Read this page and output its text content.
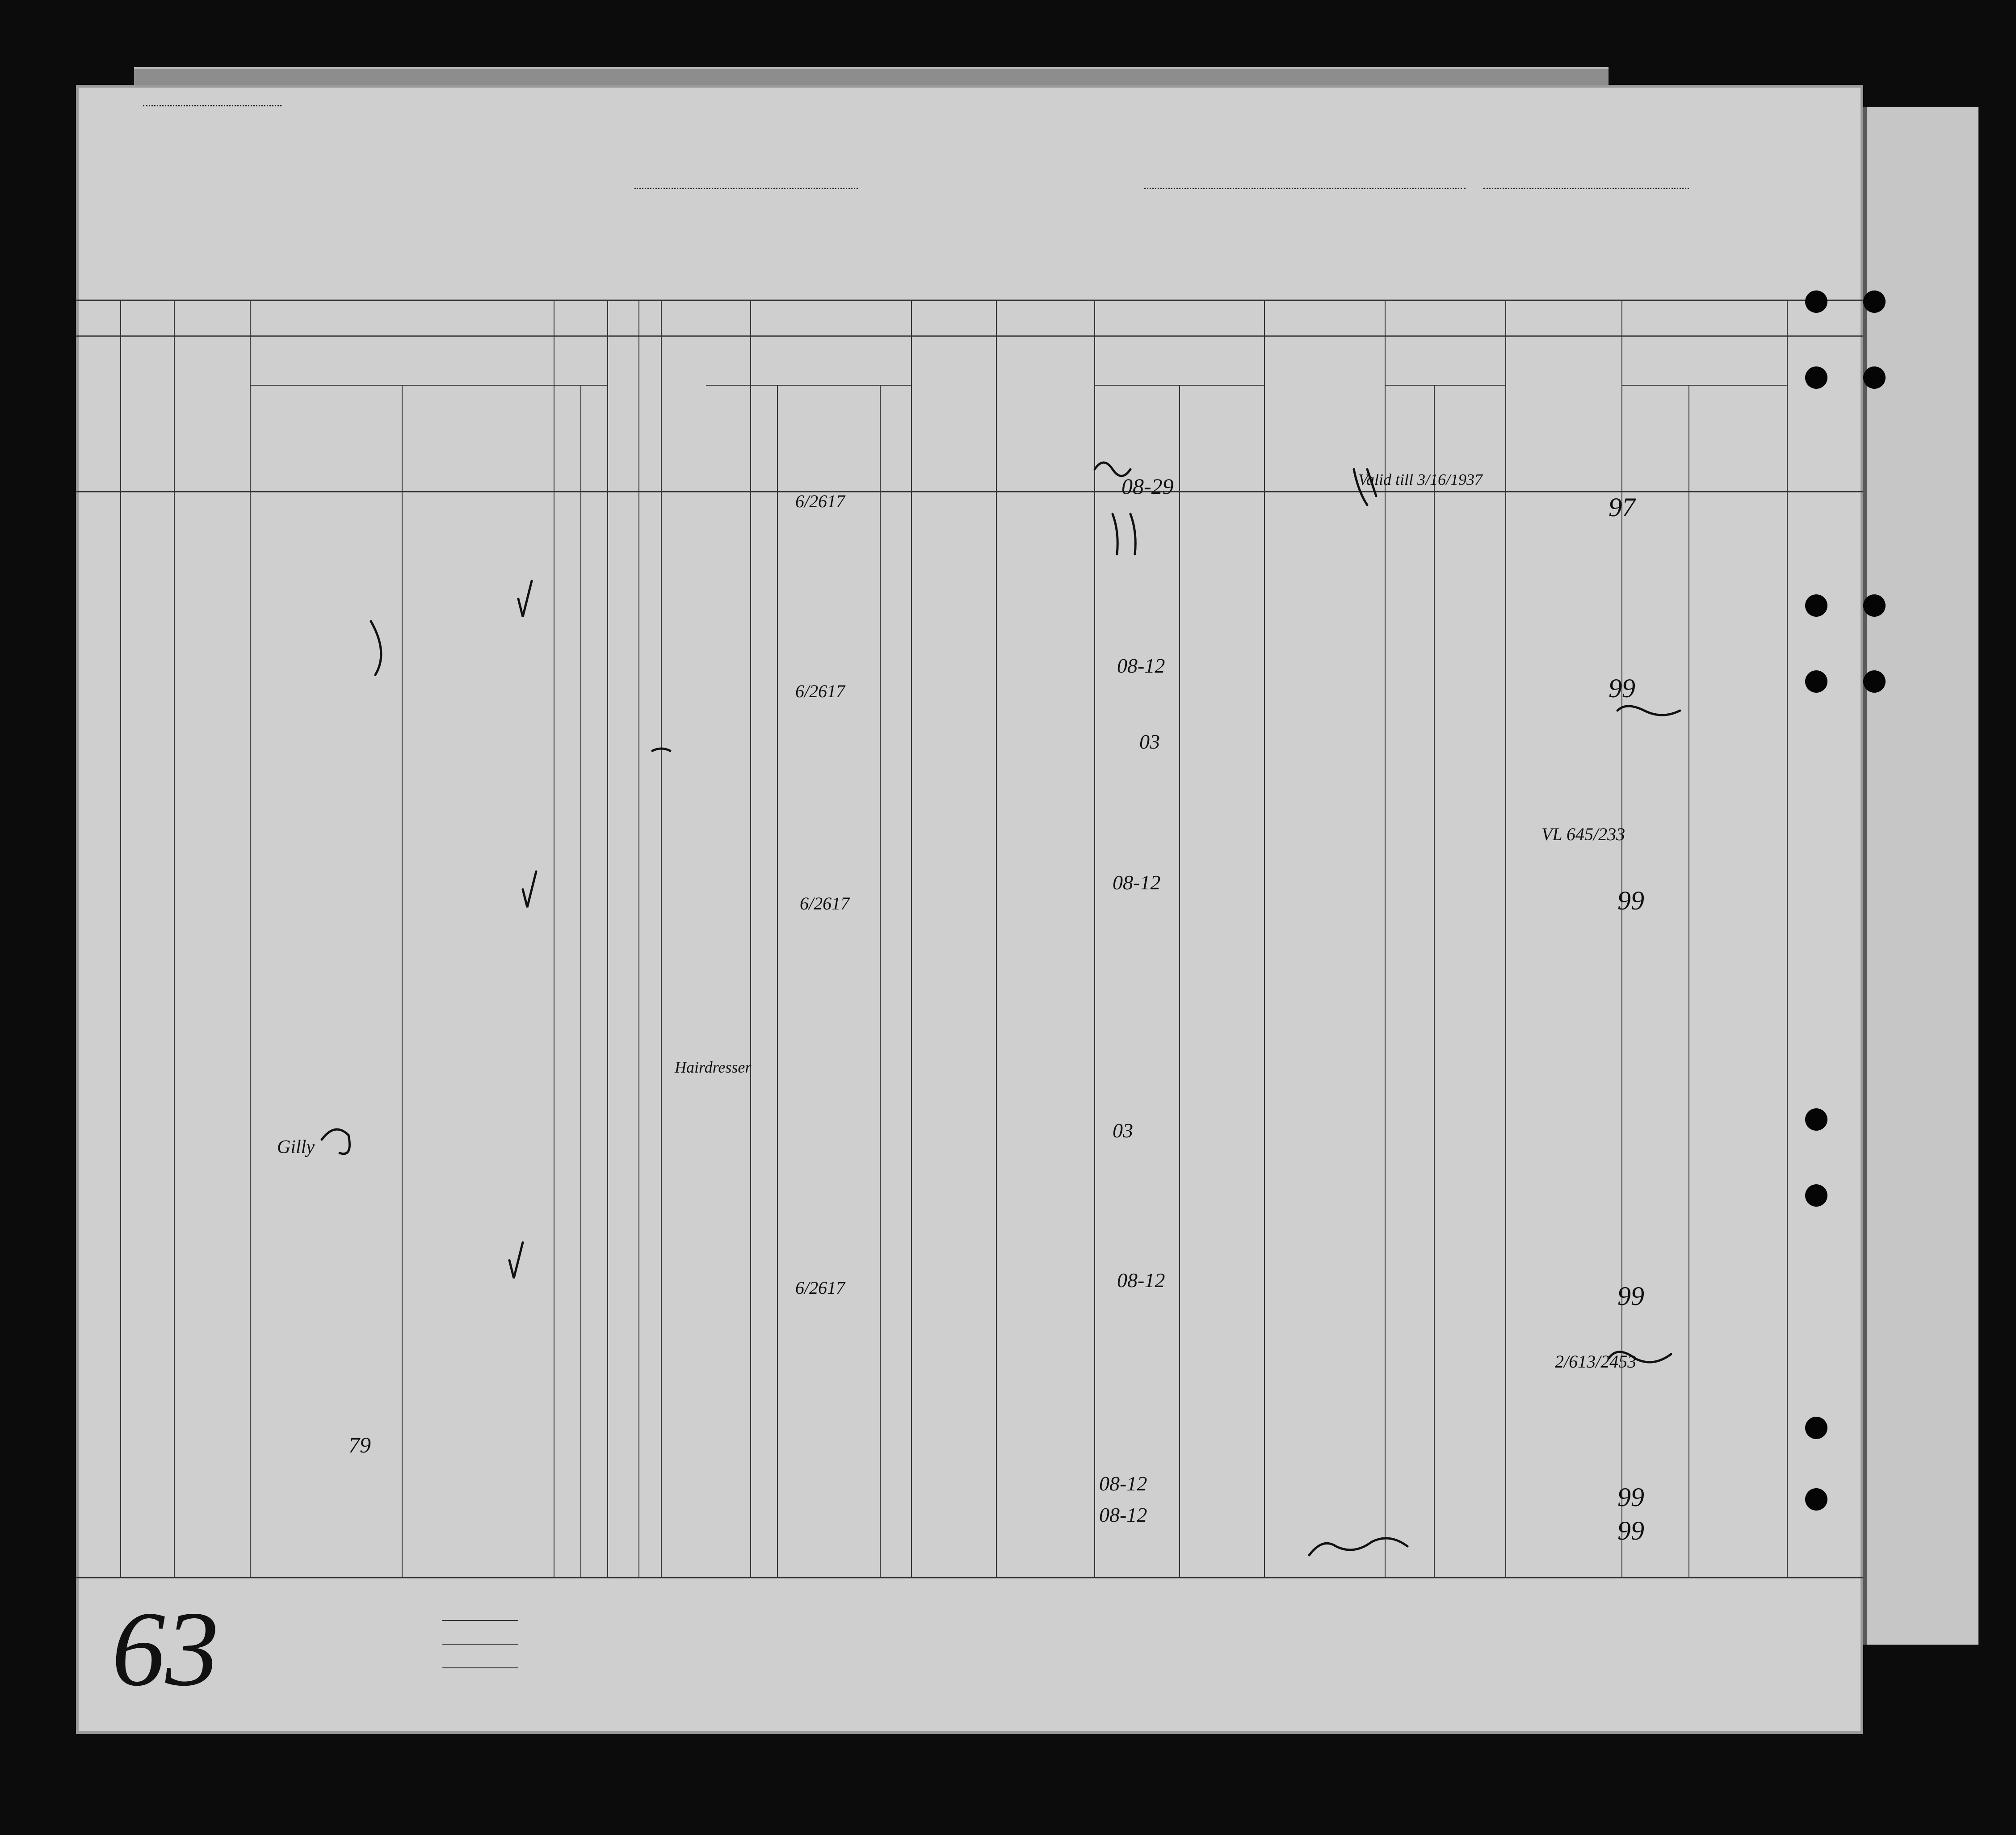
97
99
99
99
99
99
08-29
08-12
03
08-12
08-12
03
08-12
08-12
6/2617
6/2617
6/2617
6/2617
VL 645/233
2/613/2453
79
Hairdresser
Gilly
63
Valid till 3/16/1937
